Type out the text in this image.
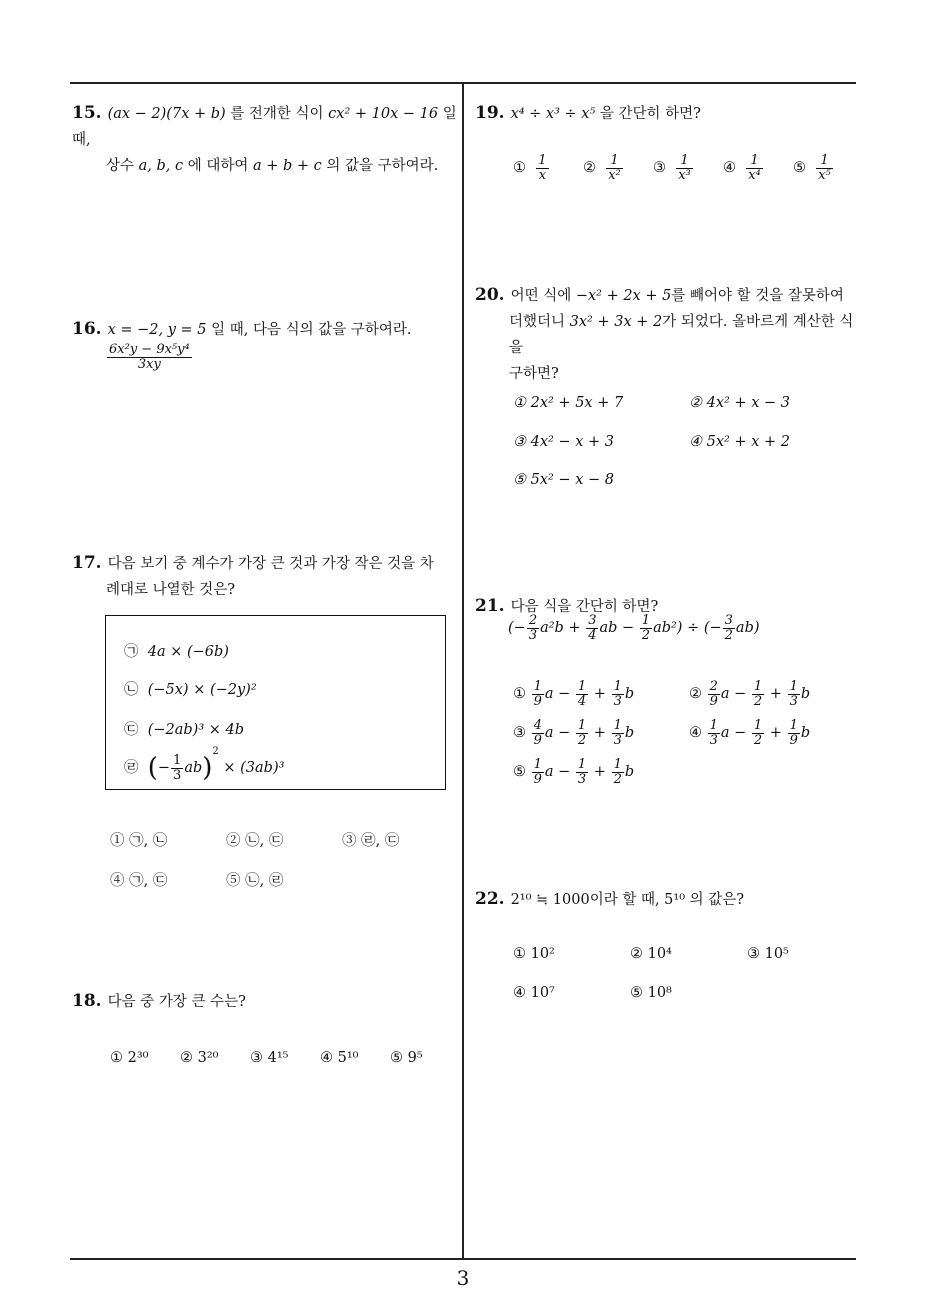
15. (ax − 2)(7x + b) 를 전개한 식이 cx² + 10x − 16 일 때,
상수 a, b, c 에 대하여 a + b + c 의 값을 구하여라.
16. x = −2, y = 5 일 때, 다음 식의 값을 구하여라.
$\frac{\text{6x²y − 9x⁵y⁴}}{3xy}$
17. 다음 보기 중 계수가 가장 큰 것과 가장 작은 것을 차
례대로 나열한 것은?
㉠ 4a × (−6b)
㉡ (−5x) × (−2y)²
㉢ (−2ab)³ × 4b
㉣ (− $\frac{1}{3} ab)^2 \times (3ab)^3$
① ㉠, ㉡	② ㉡, ㉢	③ ㉣, ㉢
④ ㉠, ㉢	⑤ ㉡, ㉣
18. 다음 중 가장 큰 수는?
① 2³⁰ ② 3²⁰ ③ 4¹⁵ ④ 5¹⁰ ⑤ 9⁵
19. x⁴ ÷ x³ ÷ x⁵ 을 간단히 하면?
① $\frac{1}{x}$ ② $\frac{1}{\text{x²}}$ ③ $\frac{1}{\text{x³}}$ ④ $\frac{1}{\text{x⁴}}$ ⑤ $\frac{1}{\text{x⁵}}$
20. 어떤 식에 −x² + 2x + 5를 빼어야 할 것을 잘못하여
더했더니 3x² + 3x + 2가 되었다. 올바르게 계산한 식을
구하면?
① 2x² + 5x + 7	② 4x² + x − 3
③ 4x² − x + 3	④ 5x² + x + 2
⑤ 5x² − x − 8
21. 다음 식을 간단히 하면?
(− $\frac{2}{3} a^2b + \frac{3}{4}$ ab − $\frac{1}{2} ab^2$) ÷ (− $\frac{3}{2} ab$)
① $\frac{1}{9}$ $a - \frac{1}{4} + \frac{1}{3}$ b	② $\frac{2}{9}$ $a - \frac{1}{2} + \frac{1}{3}$ b
③ $\frac{4}{9}$ $a - \frac{1}{2} + \frac{1}{3}$ b	④ $\frac{1}{3}$ $a - \frac{1}{2} + \frac{1}{9}$ b
⑤ $\frac{1}{9}$ $a - \frac{1}{3} + \frac{1}{2}$ b
22. 2¹⁰ ≒ 1000이라 할 때, 5¹⁰ 의 값은?
① 10²	② 10⁴	③ 10⁵
④ 10⁷	⑤ 10⁸
3
